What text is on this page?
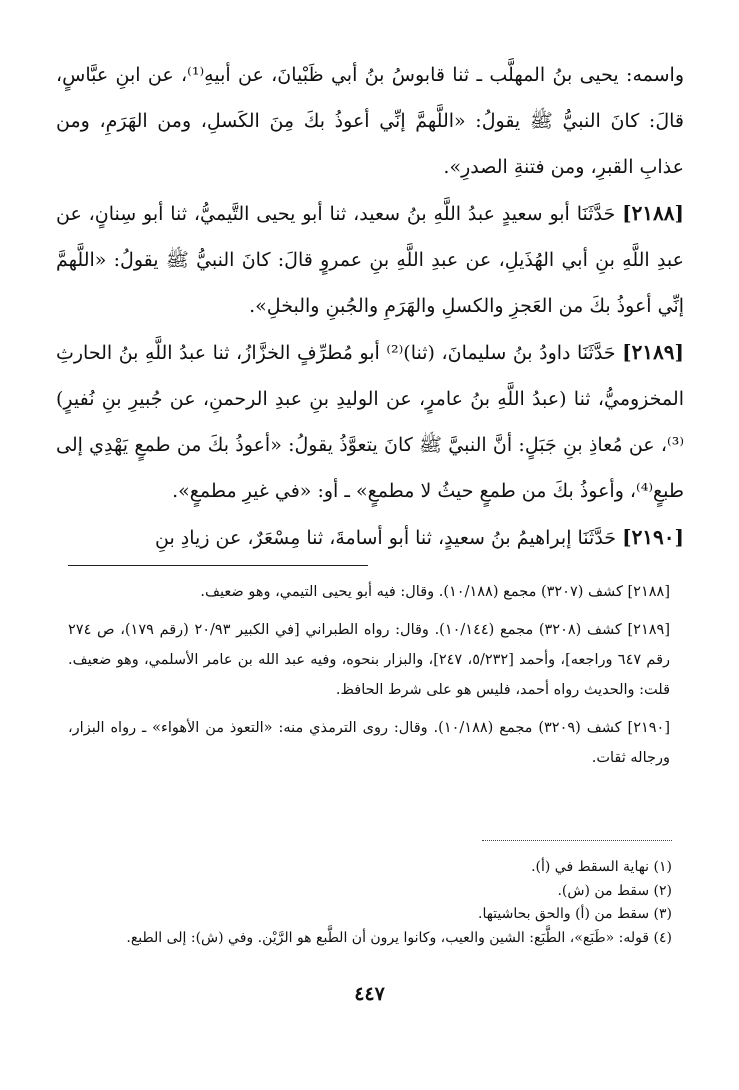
واسمه: يحيى بنُ المهلَّب ـ ثنا قابوسُ بنُ أبي ظَبْيانَ، عن أبيهِ⁽¹⁾، عن ابنِ عبَّاسٍ، قالَ: كانَ النبيُّ ﷺ يقولُ: «اللَّهمَّ إنِّي أعوذُ بكَ مِنَ الكَسلِ، ومن الهَرَمِ، ومن عذابِ القبرِ، ومن فتنةِ الصدرِ».

[٢١٨٨] حَدَّثَنَا أبو سعيدٍ عبدُ اللَّهِ بنُ سعيد، ثنا أبو يحيى التَّيميُّ، ثنا أبو سِنانٍ، عن عبدِ اللَّهِ بنِ أبي الهُذَيلِ، عن عبدِ اللَّهِ بنِ عمروٍ قالَ: كانَ النبيُّ ﷺ يقولُ: «اللَّهمَّ إنِّي أعوذُ بكَ من العَجزِ والكسلِ والهَرَمِ والجُبنِ والبخلِ».

[٢١٨٩] حَدَّثَنَا داودُ بنُ سليمانَ، (ثنا)⁽²⁾ أبو مُطرِّفٍ الخزَّازُ، ثنا عبدُ اللَّهِ بنُ الحارثِ المخزوميُّ، ثنا (عبدُ اللَّهِ بنُ عامرٍ، عن الوليدِ بنِ عبدِ الرحمنِ، عن جُبيرِ بنِ نُفيرٍ)⁽³⁾، عن مُعاذِ بنِ جَبَلٍ: أنَّ النبيَّ ﷺ كانَ يتعوَّذُ يقولُ: «أعوذُ بكَ من طمعٍ يَهْدِي إلى طبعٍ⁽⁴⁾، وأعوذُ بكَ من طمعٍ حيثُ لا مطمعٍ» ـ أو: «في غيرِ مطمعٍ».

[٢١٩٠] حَدَّثَنَا إبراهيمُ بنُ سعيدٍ، ثنا أبو أسامةَ، ثنا مِسْعَرٌ، عن زيادِ بنِ

[٢١٨٨] كشف (٣٢٠٧) مجمع (١٠/١٨٨). وقال: فيه أبو يحيى التيمي، وهو ضعيف.

[٢١٨٩] كشف (٣٢٠٨) مجمع (١٠/١٤٤). وقال: رواه الطبراني [في الكبير ٢٠/٩٣ (رقم ١٧٩)، ص ٢٧٤ رقم ٦٤٧ وراجعه]، وأحمد [٥/٢٣٢، ٢٤٧]، والبزار بنحوه، وفيه عبد الله بن عامر الأسلمي، وهو ضعيف. قلت: والحديث رواه أحمد، فليس هو على شرط الحافظ.

[٢١٩٠] كشف (٣٢٠٩) مجمع (١٠/١٨٨). وقال: روى الترمذي منه: «التعوذ من الأهواء» ـ رواه البزار، ورجاله ثقات.

(١) نهاية السقط في (أ).
(٢) سقط من (ش).
(٣) سقط من (أ) والحق بحاشيتها.
(٤) قوله: «طَبَع»، الطَّبَع: الشين والعيب، وكانوا يرون أن الطَّبع هو الرَّيْن. وفي (ش): إلى الطبع.
٤٤٧
